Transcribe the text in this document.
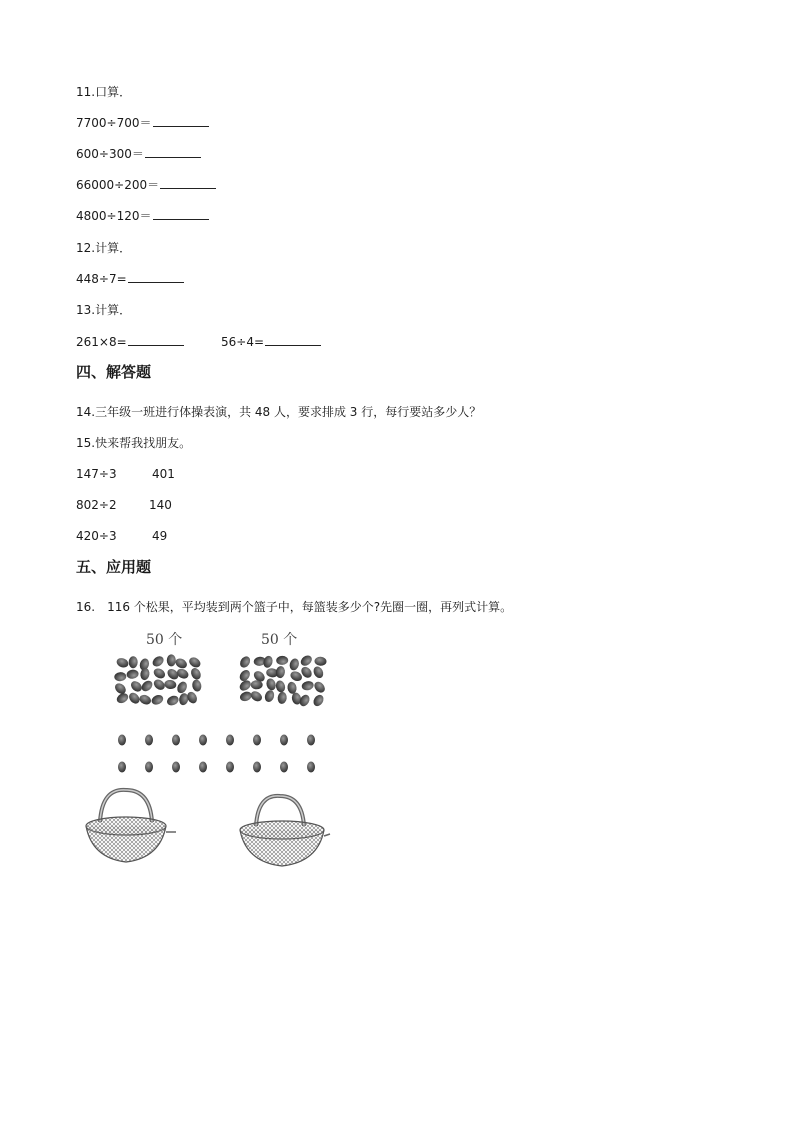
11.口算．
7700÷700＝
600÷300＝
66000÷200＝
4800÷120＝
12.计算．
448÷7=
13.计算．
261×8=	56÷4=
四、解答题
14.三年级一班进行体操表演，共 48 人，要求排成 3 行，每行要站多少人？
15.快来帮我找朋友。
147÷3	401
802÷2	140
420÷3	49
五、应用题
16.　116 个松果，平均装到两个篮子中，每篮装多少个?先圈一圈，再列式计算。
50 个	50 个
